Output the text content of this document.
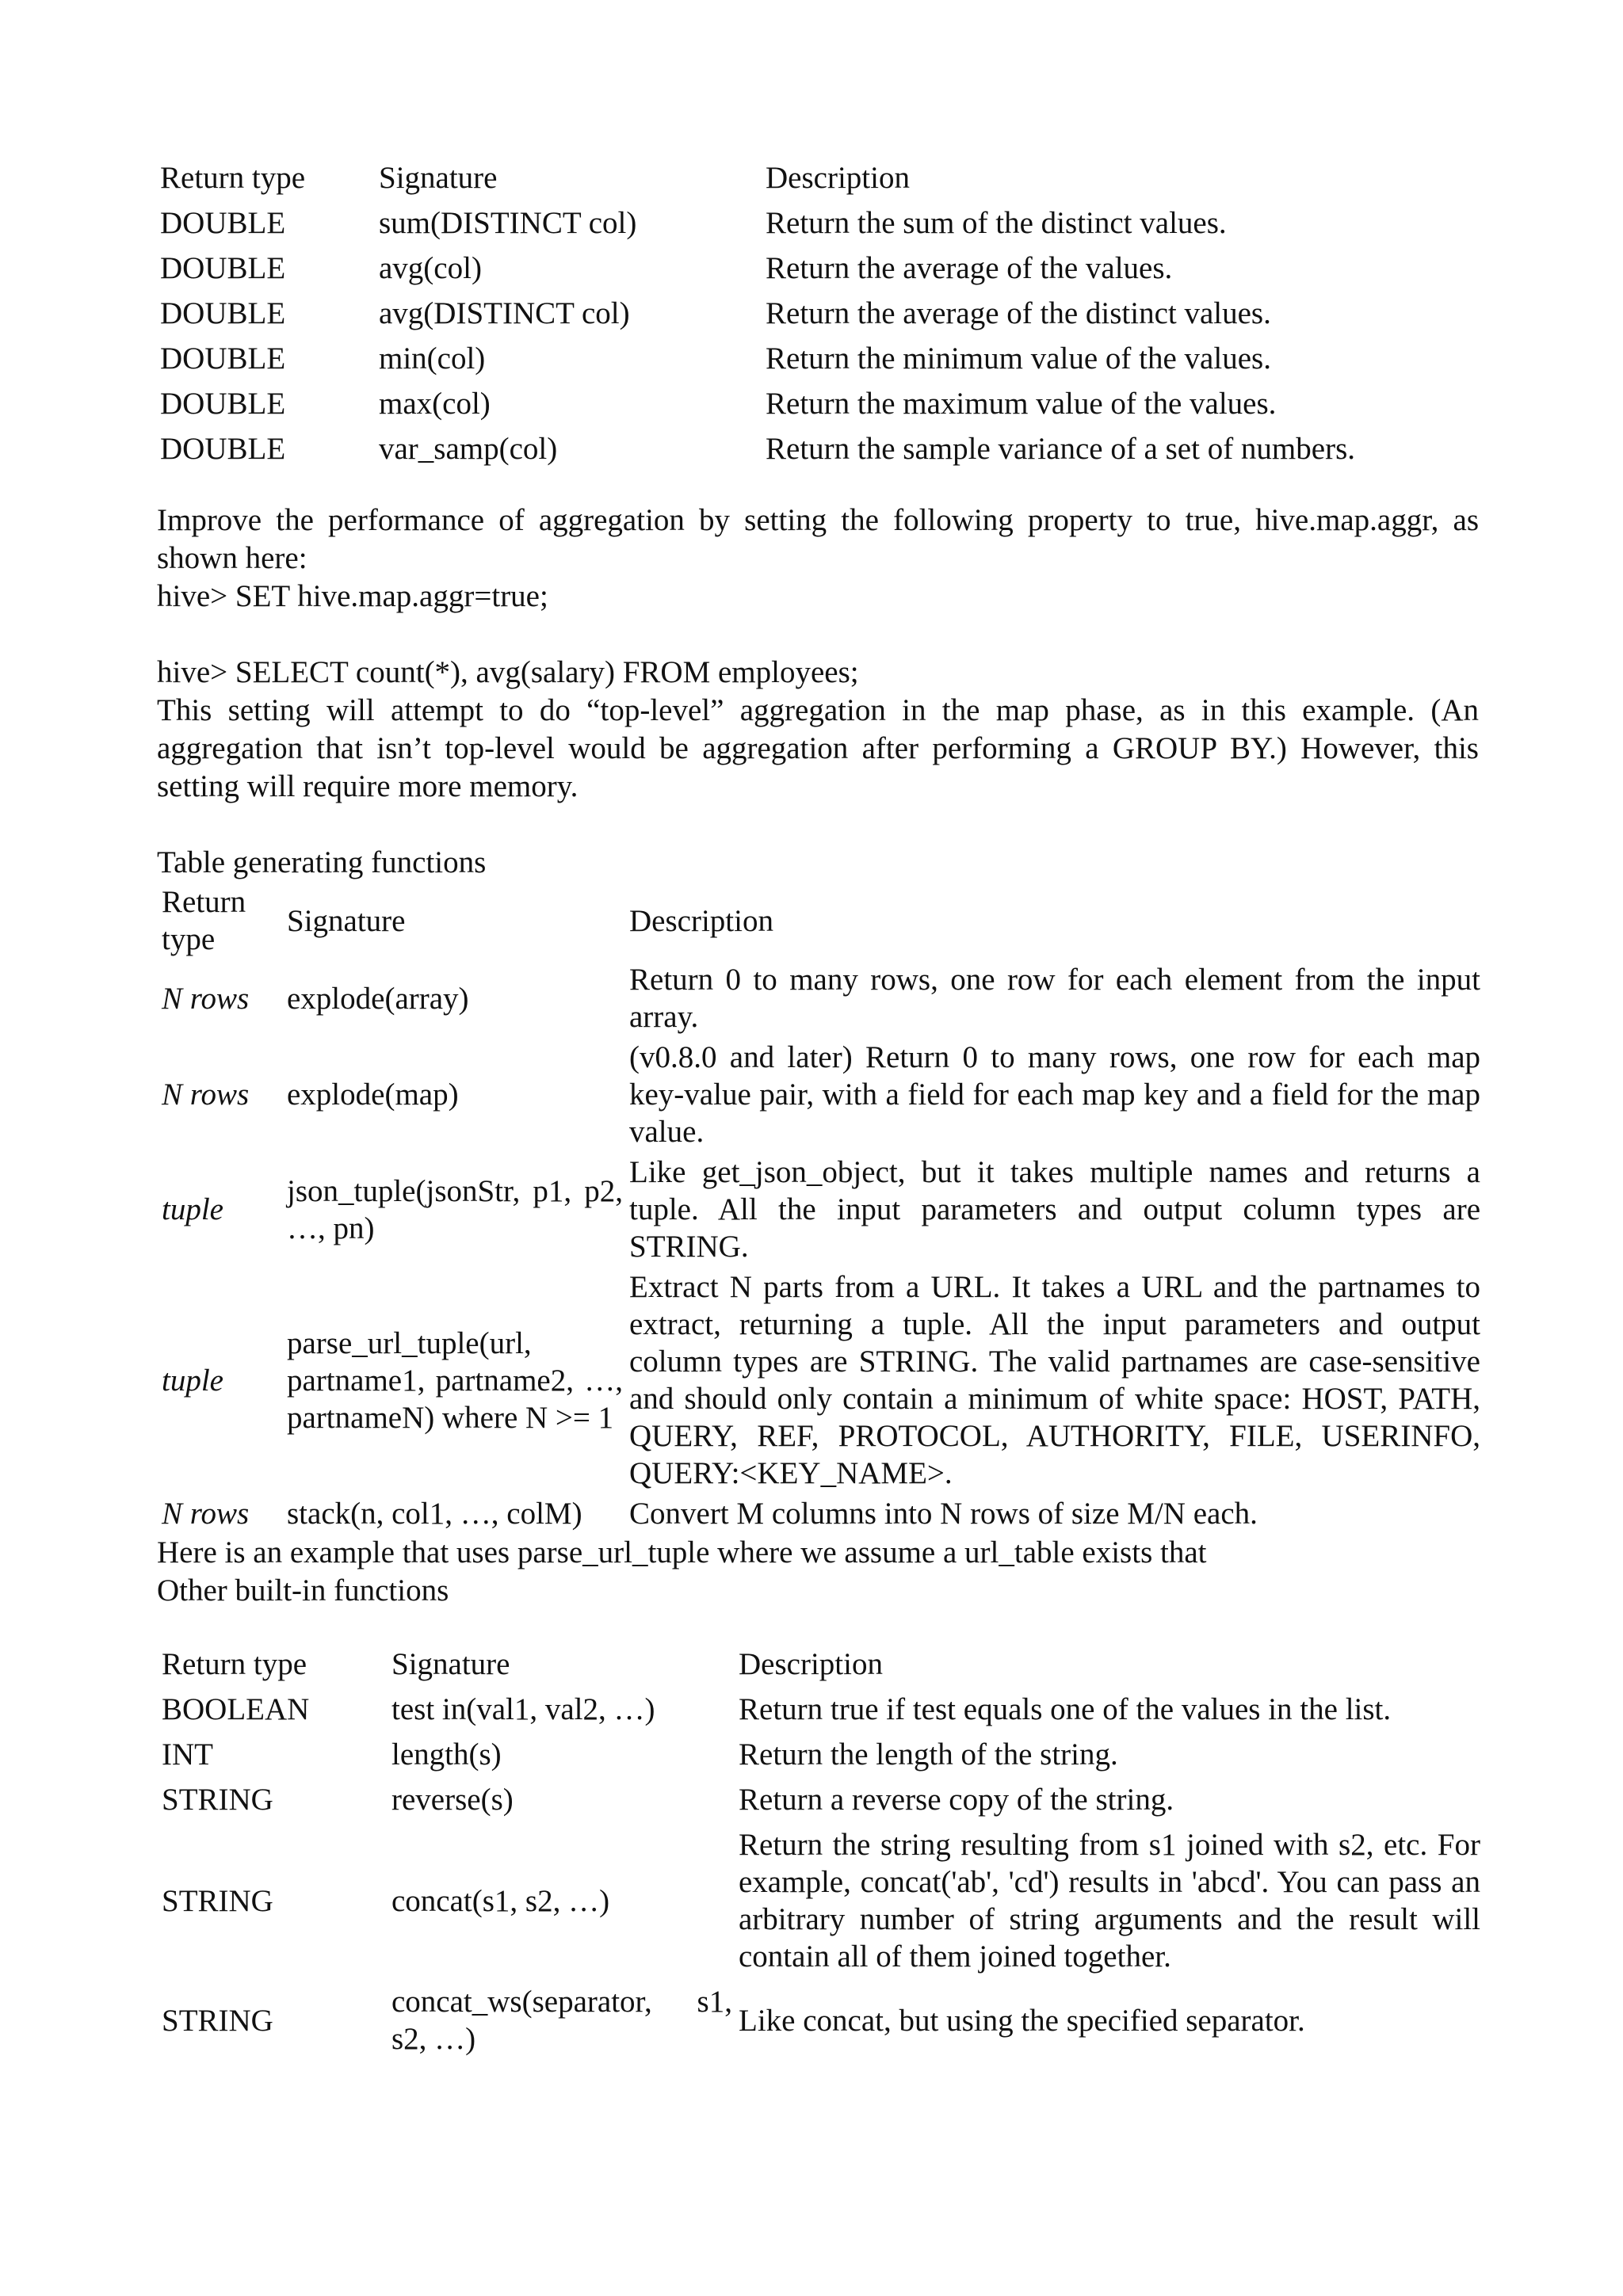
Return type	Signature	Description
DOUBLE	sum(DISTINCT col)	Return the sum of the distinct values.
DOUBLE	avg(col)	Return the average of the values.
DOUBLE	avg(DISTINCT col)	Return the average of the distinct values.
DOUBLE	min(col)	Return the minimum value of the values.
DOUBLE	max(col)	Return the maximum value of the values.
DOUBLE	var_samp(col)	Return the sample variance of a set of numbers.

Improve the performance of aggregation by setting the following property to true, hive.map.aggr, as shown here:

hive> SET hive.map.aggr=true;

hive> SELECT count(*), avg(salary) FROM employees;

This setting will attempt to do “top-level” aggregation in the map phase, as in this example. (An aggregation that isn’t top-level would be aggregation after performing a GROUP BY.) However, this setting will require more memory.

Table generating functions

Return type	Signature	Description
N rows	explode(array)	Return 0 to many rows, one row for each element from the input array.
N rows	explode(map)	(v0.8.0 and later) Return 0 to many rows, one row for each map key-value pair, with a field for each map key and a field for the map value.
tuple	json_tuple(jsonStr, p1, p2, …, pn)	Like get_json_object, but it takes multiple names and returns a tuple. All the input parameters and output column types are STRING.
tuple	parse_url_tuple(url, partname1, partname2, …, partnameN) where N >= 1	Extract N parts from a URL. It takes a URL and the partnames to extract, returning a tuple. All the input parameters and output column types are STRING. The valid partnames are case-sensitive and should only contain a minimum of white space: HOST, PATH, QUERY, REF, PROTOCOL, AUTHORITY, FILE, USERINFO, QUERY:<KEY_NAME>.
N rows	stack(n, col1, …, colM)	Convert M columns into N rows of size M/N each.

Here is an example that uses parse_url_tuple where we assume a url_table exists that

Other built-in functions

Return type	Signature	Description
BOOLEAN	test in(val1, val2, …)	Return true if test equals one of the values in the list.
INT	length(s)	Return the length of the string.
STRING	reverse(s)	Return a reverse copy of the string.
STRING	concat(s1, s2, …)	Return the string resulting from s1 joined with s2, etc. For example, concat('ab', 'cd') results in 'abcd'. You can pass an arbitrary number of string arguments and the result will contain all of them joined together.
STRING	concat_ws(separator, s1, s2, …)	Like concat, but using the specified separator.
